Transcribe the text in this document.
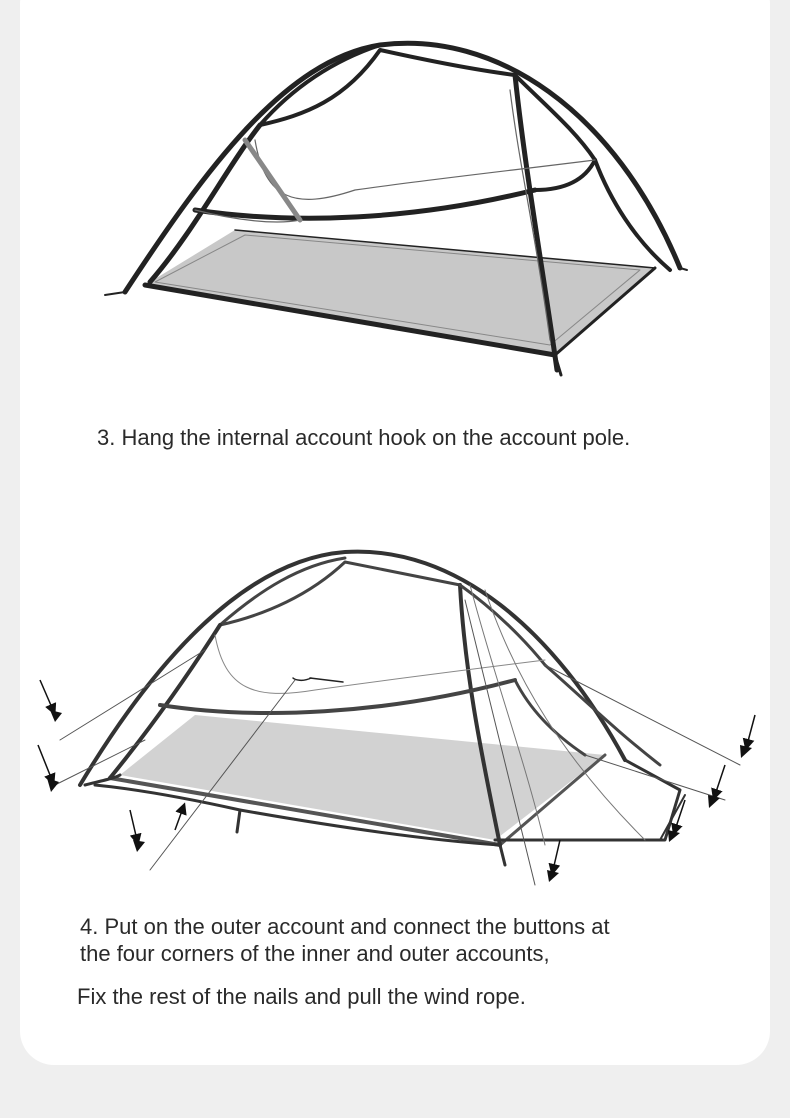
3. Hang the internal account hook on the account pole.

4. Put on the outer account and connect the buttons at

the four corners of the inner and outer accounts,

Fix the rest of the nails and pull the wind rope.
